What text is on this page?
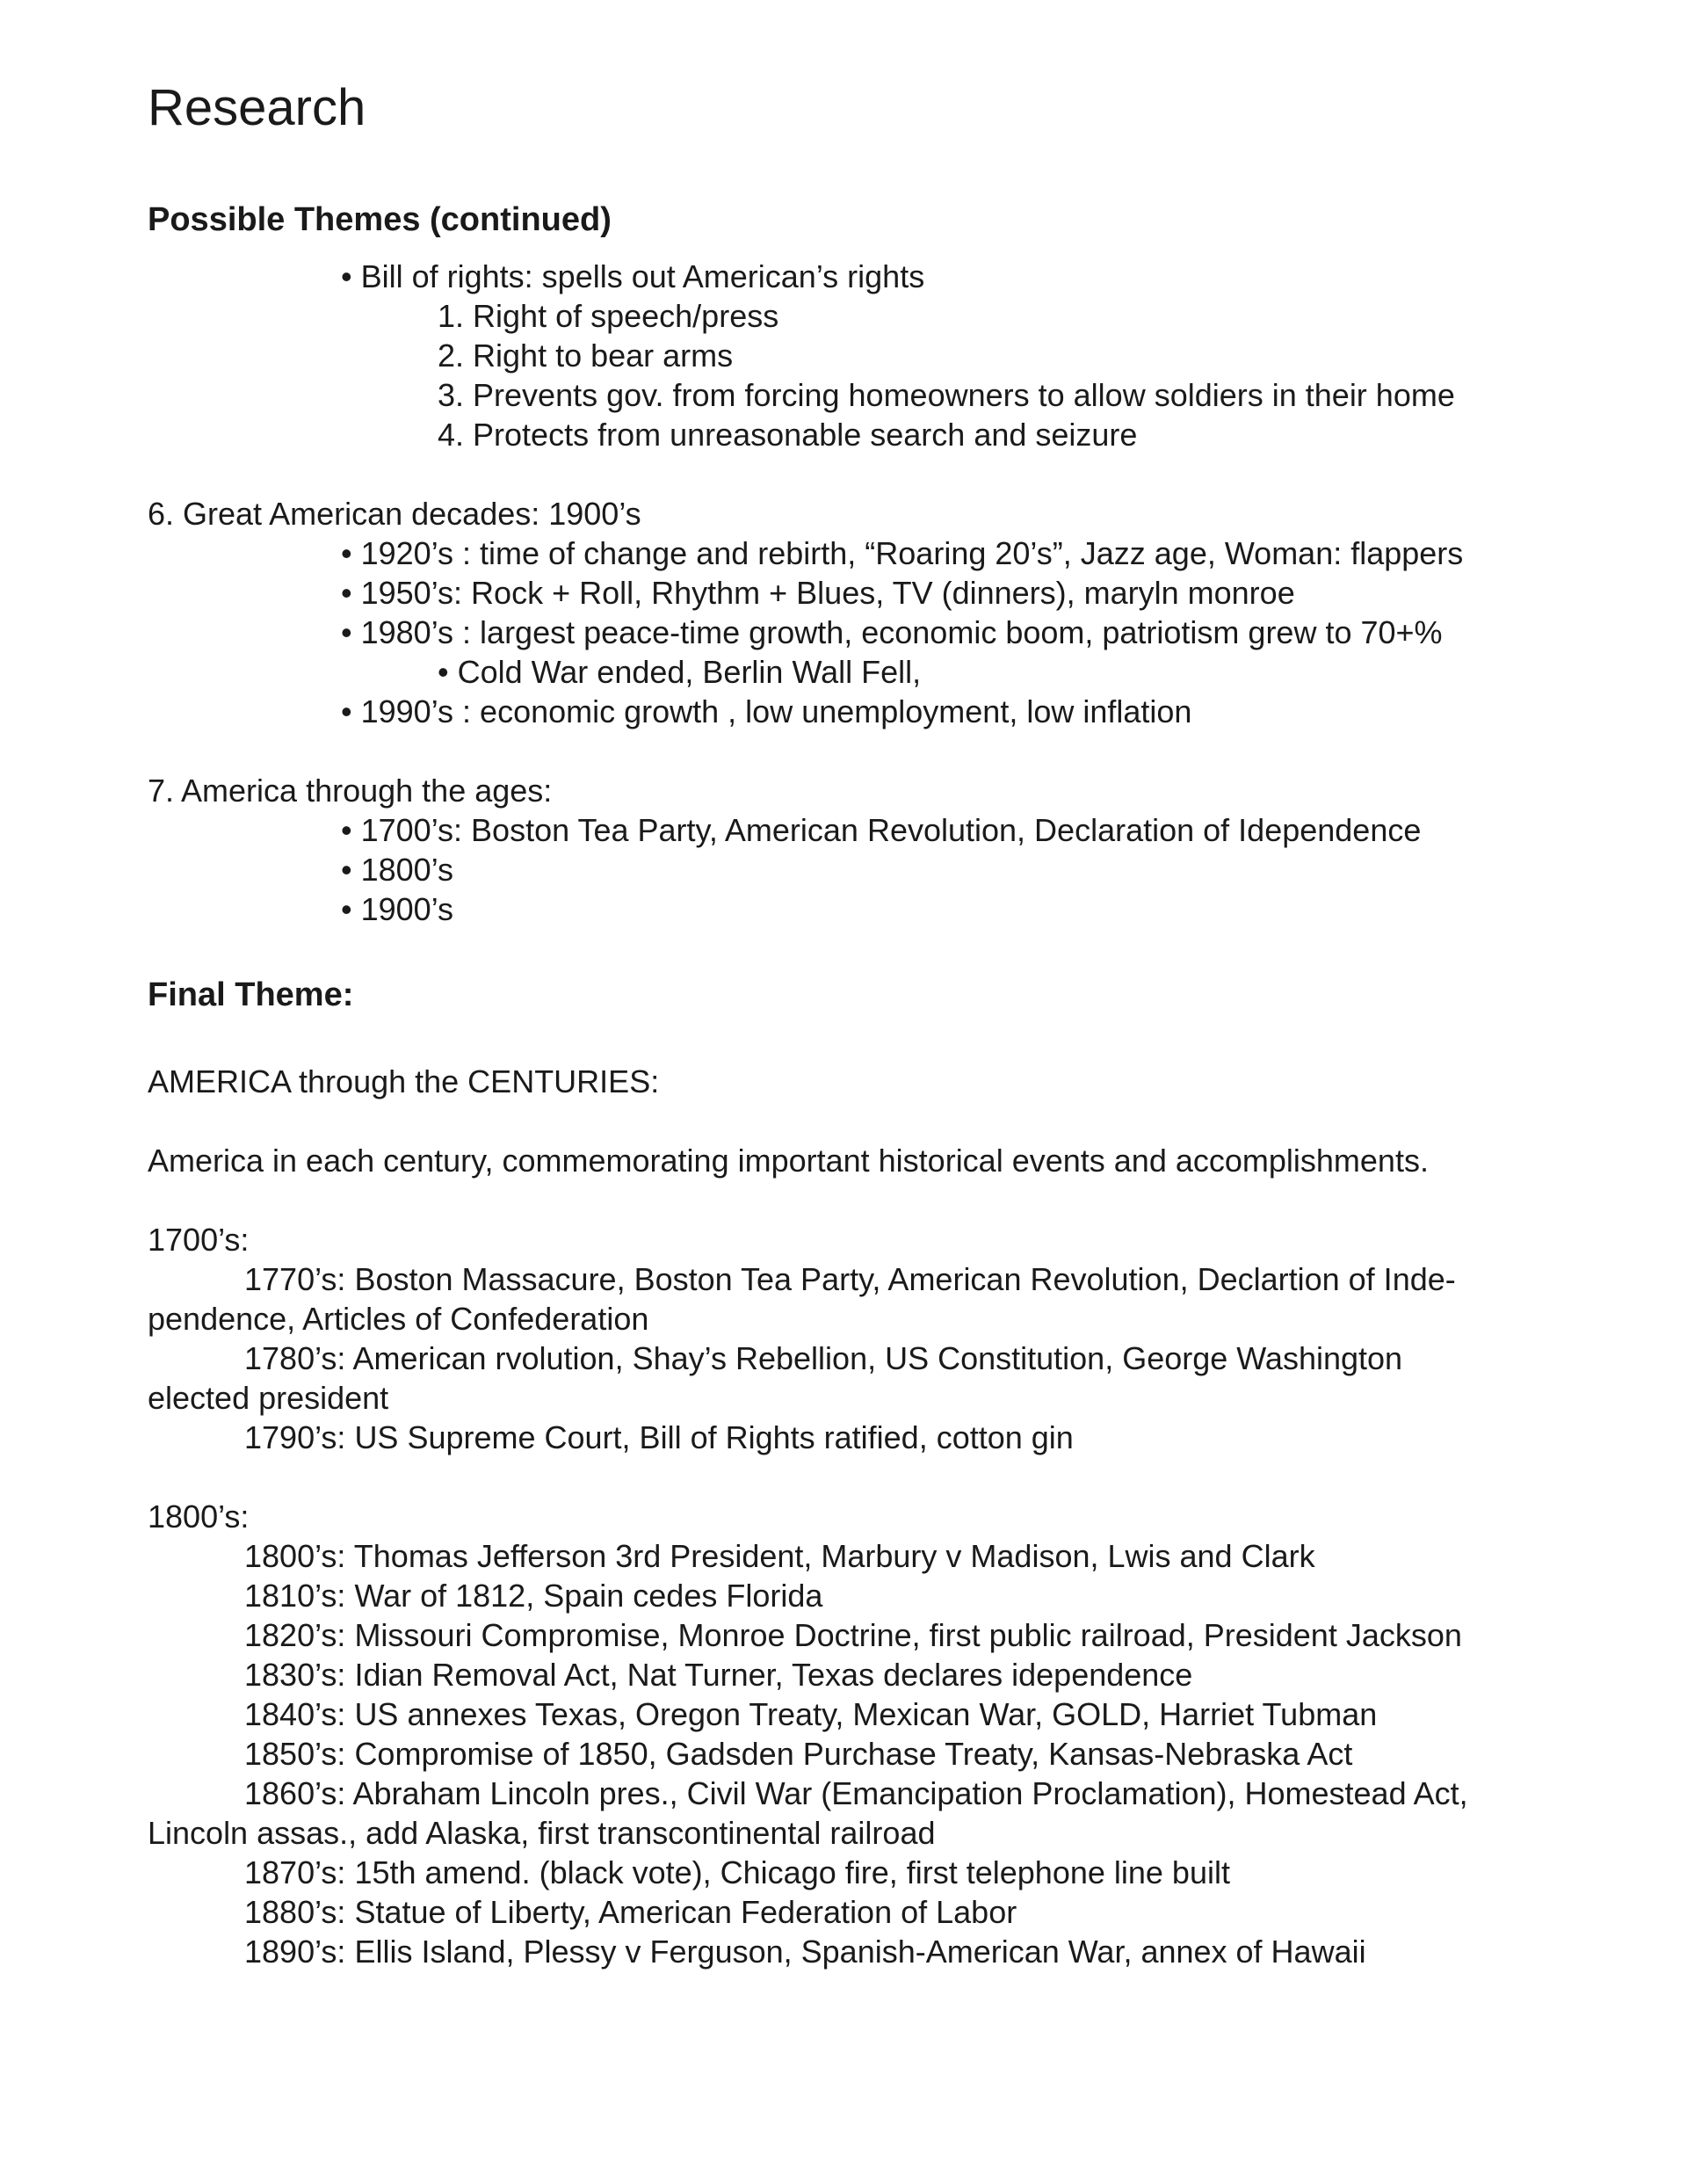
Research
Possible Themes (continued)
• Bill of rights: spells out American’s rights
1. Right of speech/press
2. Right to bear arms
3. Prevents gov. from forcing homeowners to allow soldiers in their home
4. Protects from unreasonable search and seizure
6. Great American decades: 1900’s
• 1920’s : time of change and rebirth, “Roaring 20’s”, Jazz age, Woman: flappers
• 1950’s: Rock + Roll, Rhythm + Blues, TV (dinners), maryln monroe
• 1980’s : largest peace-time growth, economic boom, patriotism grew to 70+%
• Cold War ended, Berlin Wall Fell,
• 1990’s : economic growth , low unemployment, low inflation
7. America through the ages:
• 1700’s: Boston Tea Party, American Revolution, Declaration of Idependence
• 1800’s
• 1900’s
Final Theme:
AMERICA through the CENTURIES:
America in each century, commemorating important historical events and accomplishments.
1700’s:
1770’s: Boston Massacure, Boston Tea Party, American Revolution, Declartion of Inde-
pendence, Articles of Confederation
1780’s: American rvolution, Shay’s Rebellion, US Constitution, George Washington
elected president
1790’s: US Supreme Court, Bill of Rights ratified, cotton gin
1800’s:
1800’s: Thomas Jefferson 3rd President, Marbury v Madison, Lwis and Clark
1810’s: War of 1812, Spain cedes Florida
1820’s: Missouri Compromise, Monroe Doctrine, first public railroad, President Jackson
1830’s: Idian Removal Act, Nat Turner, Texas declares idependence
1840’s: US annexes Texas, Oregon Treaty, Mexican War, GOLD, Harriet Tubman
1850’s: Compromise of 1850, Gadsden Purchase Treaty, Kansas-Nebraska Act
1860’s: Abraham Lincoln pres., Civil War (Emancipation Proclamation), Homestead Act,
Lincoln assas., add Alaska, first transcontinental railroad
1870’s: 15th amend. (black vote), Chicago fire, first telephone line built
1880’s: Statue of Liberty, American Federation of Labor
1890’s: Ellis Island, Plessy v Ferguson, Spanish-American War, annex of Hawaii
